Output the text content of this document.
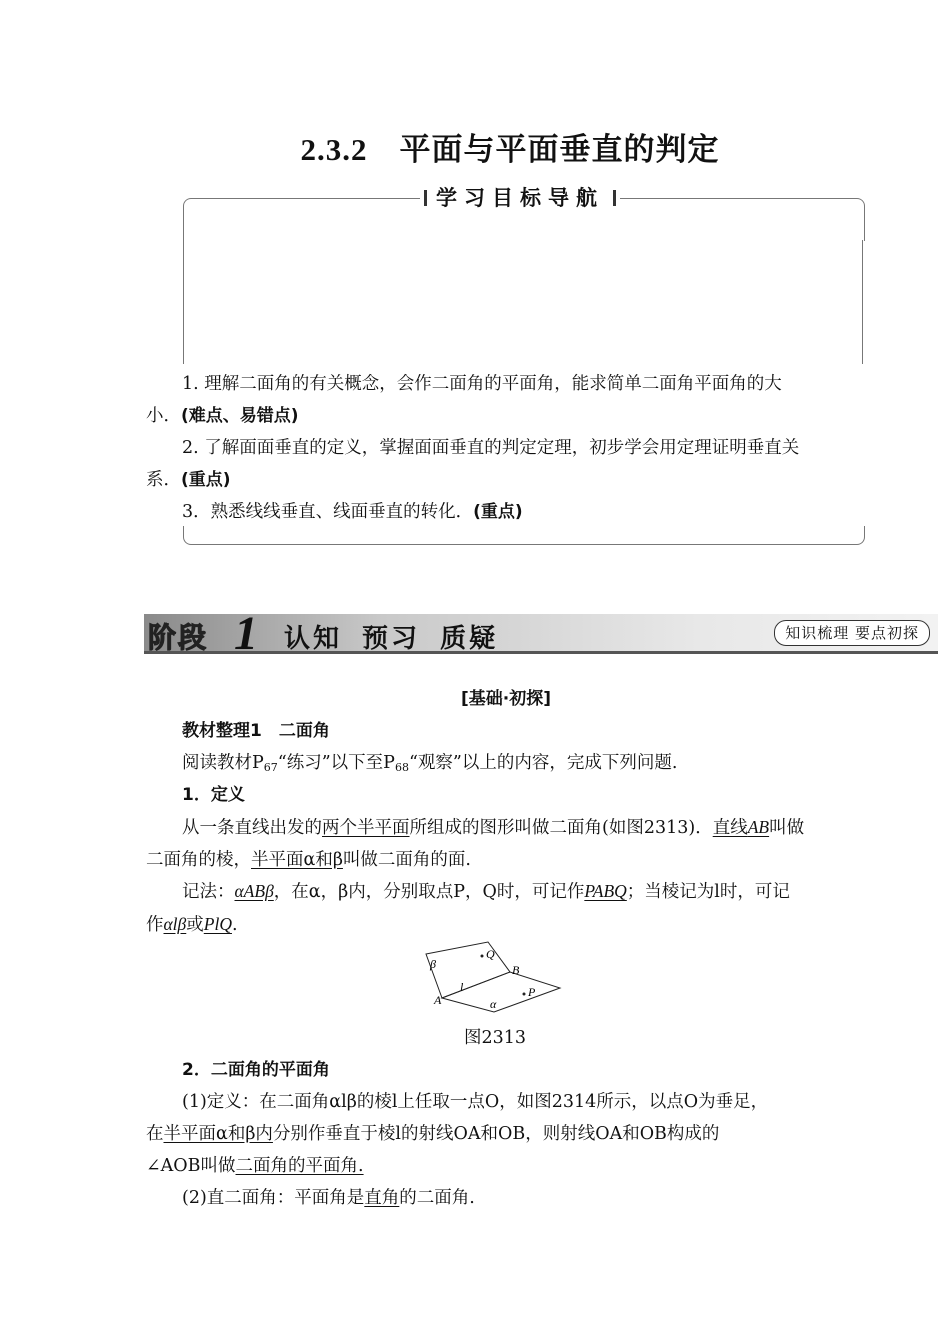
2.3.2 平面与平面垂直的判定
学习目标导航
1. 理解二面角的有关概念，会作二面角的平面角，能求简单二面角平面角的大小．(难点、易错点)
2. 了解面面垂直的定义，掌握面面垂直的判定定理，初步学会用定理证明垂直关系．(重点)
3．熟悉线线垂直、线面垂直的转化．(重点)
阶段 1 认知 预习 质疑	知识梳理 要点初探
[基础·初探]
教材整理1　二面角
阅读教材$P_{67}“$练习”以下至$P_{68}“$观察”以上的内容，完成下列问题.
1．定义
从一条直线出发的两个半平面所组成的图形叫做二面角(如图2313)．直线AB叫做二面角的棱，半平面α和β叫做二面角的面.
记法：αABβ，在α，β内，分别取点P，Q时，可记作PABQ；当棱记为l时，可记
作αlβ或PlQ.
β
Q
B
l
A
P
α
图2313
2．二面角的平面角
(1)定义：在二面角αlβ的棱l上任取一点O，如图2314所示，以点O为垂足，
在半平面α和β内分别作垂直于棱l的射线OA和OB，则射线OA和OB构成的
∠AOB叫做二面角的平面角.
(2)直二面角：平面角是直角的二面角.
